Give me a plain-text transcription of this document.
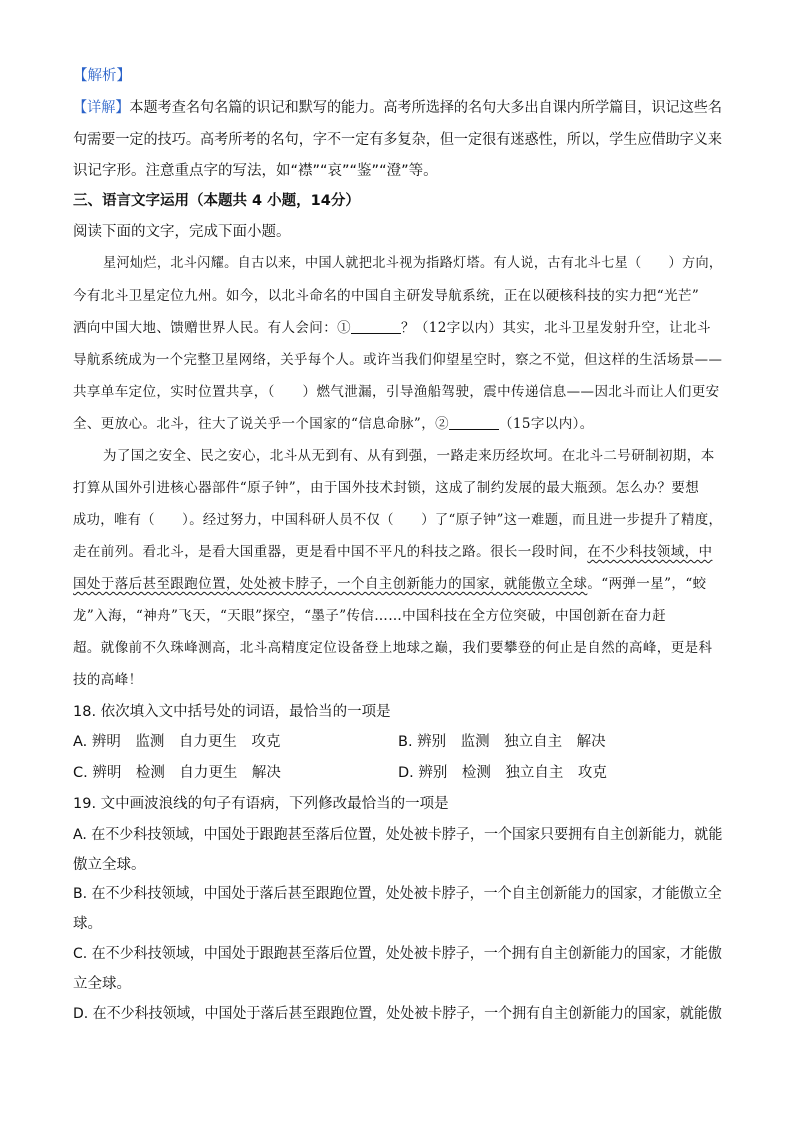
【解析】
【详解】本题考查名句名篇的识记和默写的能力。高考所选择的名句大多出自课内所学篇目，识记这些名
句需要一定的技巧。高考所考的名句，字不一定有多复杂，但一定很有迷惑性，所以，学生应借助字义来
识记字形。注意重点字的写法，如“襟”“哀”“鉴”“澄”等。
三、语言文字运用（本题共 4 小题，14分）
阅读下面的文字，完成下面小题。
星河灿烂，北斗闪耀。自古以来，中国人就把北斗视为指路灯塔。有人说，古有北斗七星（　　）方向，
今有北斗卫星定位九州。如今，以北斗命名的中国自主研发导航系统，正在以硬核科技的实力把“光芒”
洒向中国大地、馈赠世界人民。有人会问：①	？（12字以内）其实，北斗卫星发射升空，让北斗
导航系统成为一个完整卫星网络，关乎每个人。或许当我们仰望星空时，察之不觉，但这样的生活场景——
共享单车定位，实时位置共享，（　　）燃气泄漏，引导渔船驾驶，震中传递信息——因北斗而让人们更安
全、更放心。北斗，往大了说关乎一个国家的“信息命脉”，②	（15字以内）。
为了国之安全、民之安心，北斗从无到有、从有到强，一路走来历经坎坷。在北斗二号研制初期，本
打算从国外引进核心器部件“原子钟”，由于国外技术封锁，这成了制约发展的最大瓶颈。怎么办？要想
成功，唯有（　　）。经过努力，中国科研人员不仅（　　）了“原子钟”这一难题，而且进一步提升了精度，
走在前列。看北斗，是看大国重器，更是看中国不平凡的科技之路。很长一段时间，在不少科技领域，中
国处于落后甚至跟跑位置，处处被卡脖子，一个自主创新能力的国家，就能傲立全球。“两弹一星”，“蛟
龙”入海，“神舟”飞天，“天眼”探空，“墨子”传信……中国科技在全方位突破，中国创新在奋力赶
超。就像前不久珠峰测高，北斗高精度定位设备登上地球之巅，我们要攀登的何止是自然的高峰，更是科
技的高峰！
18. 依次填入文中括号处的词语，最恰当的一项是
A. 辨明　监测　自力更生　攻克	B. 辨别　监测　独立自主　解决
C. 辨明　检测　自力更生　解决	D. 辨别　检测　独立自主　攻克
19. 文中画波浪线的句子有语病，下列修改最恰当的一项是
A. 在不少科技领域，中国处于跟跑甚至落后位置，处处被卡脖子，一个国家只要拥有自主创新能力，就能
傲立全球。
B. 在不少科技领域，中国处于落后甚至跟跑位置，处处被卡脖子，一个自主创新能力的国家，才能傲立全
球。
C. 在不少科技领域，中国处于跟跑甚至落后位置，处处被卡脖子，一个拥有自主创新能力的国家，才能傲
立全球。
D. 在不少科技领域，中国处于落后甚至跟跑位置，处处被卡脖子，一个拥有自主创新能力的国家，就能傲
